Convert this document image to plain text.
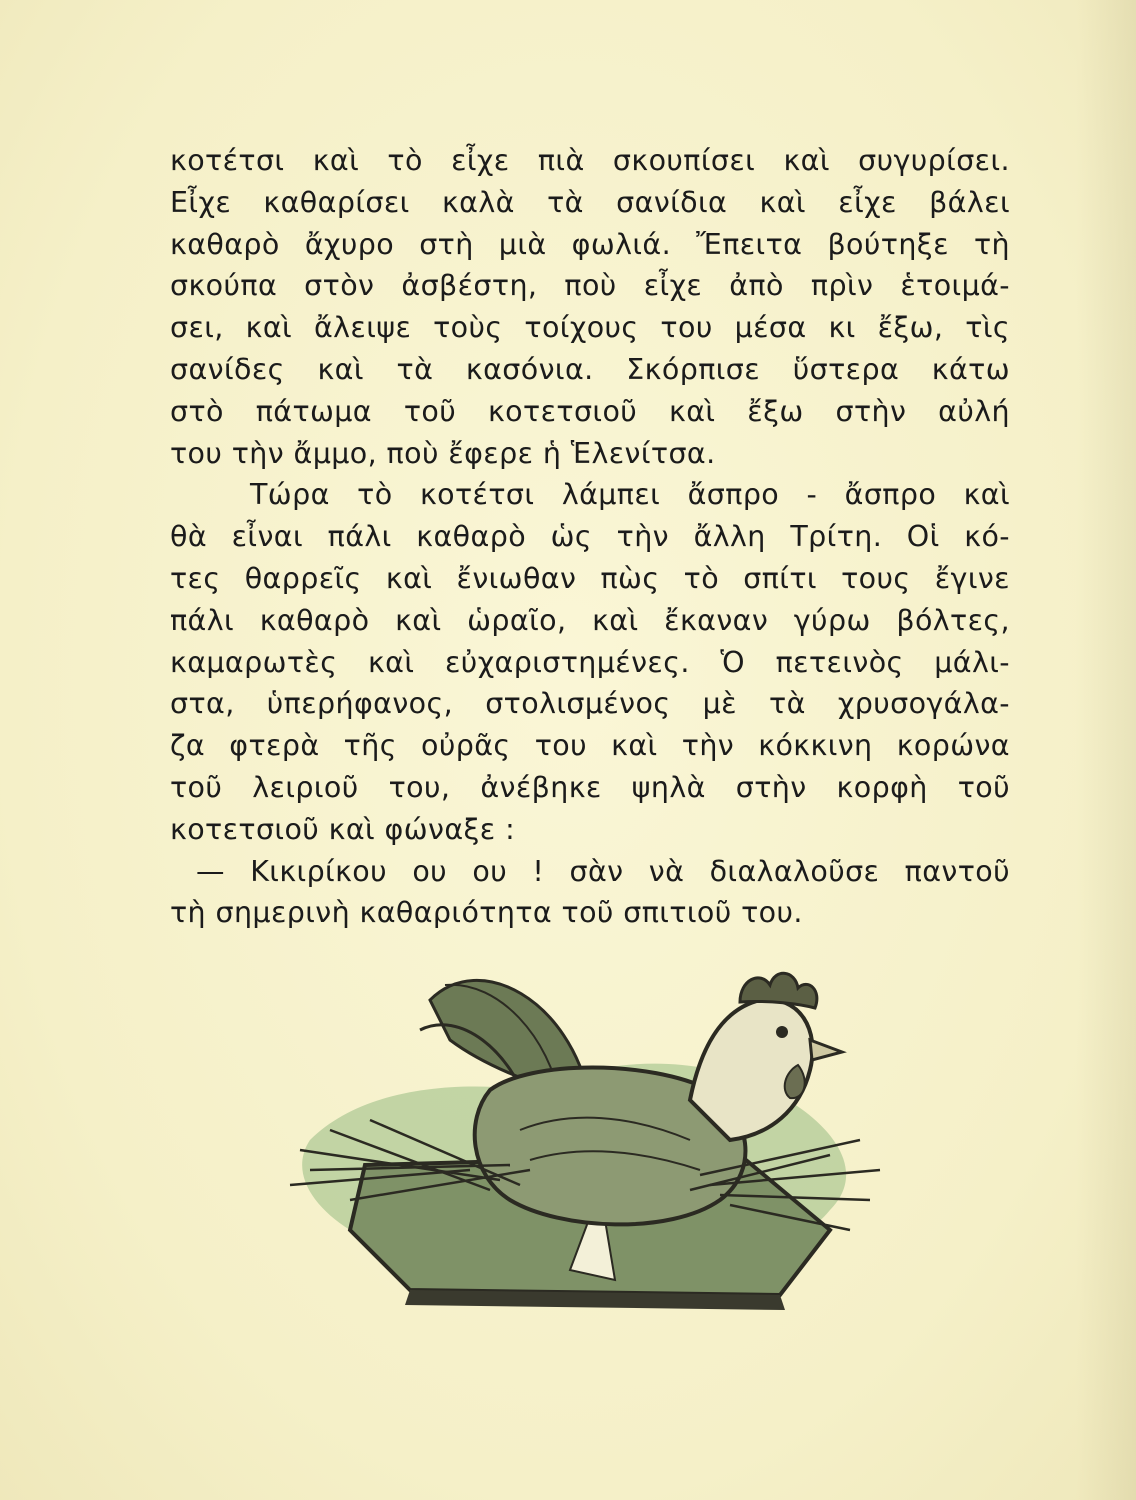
κοτέτσι καὶ τὸ εἶχε πιὰ σκουπίσει καὶ συγυρίσει.
Εἶχε καθαρίσει καλὰ τὰ σανίδια καὶ εἶχε βάλει
καθαρὸ ἄχυρο στὴ μιὰ φωλιά. Ἔπειτα βούτηξε τὴ
σκούπα στὸν ἀσβέστη, ποὺ εἶχε ἀπὸ πρὶν ἑτοιμά-
σει, καὶ ἄλειψε τοὺς τοίχους του μέσα κι ἔξω, τὶς
σανίδες καὶ τὰ κασόνια. Σκόρπισε ὕστερα κάτω
στὸ πάτωμα τοῦ κοτετσιοῦ καὶ ἔξω στὴν αὐλή
του τὴν ἄμμο, ποὺ ἔφερε ἡ Ἑλενίτσα.
Τώρα τὸ κοτέτσι λάμπει ἄσπρο - ἄσπρο καὶ
θὰ εἶναι πάλι καθαρὸ ὡς τὴν ἄλλη Τρίτη. Οἱ κό-
τες θαρρεῖς καὶ ἔνιωθαν πὼς τὸ σπίτι τους ἔγινε
πάλι καθαρὸ καὶ ὡραῖο, καὶ ἔκαναν γύρω βόλτες,
καμαρωτὲς καὶ εὐχαριστημένες. Ὁ πετεινὸς μάλι-
στα, ὑπερήφανος, στολισμένος μὲ τὰ χρυσογάλα-
ζα φτερὰ τῆς οὐρᾶς του καὶ τὴν κόκκινη κορώνα
τοῦ λειριοῦ του, ἀνέβηκε ψηλὰ στὴν κορφὴ τοῦ
κοτετσιοῦ καὶ φώναξε :
— Κικιρίκου ου ου ! σὰν νὰ διαλαλοῦσε παντοῦ
τὴ σημερινὴ καθαριότητα τοῦ σπιτιοῦ του.
